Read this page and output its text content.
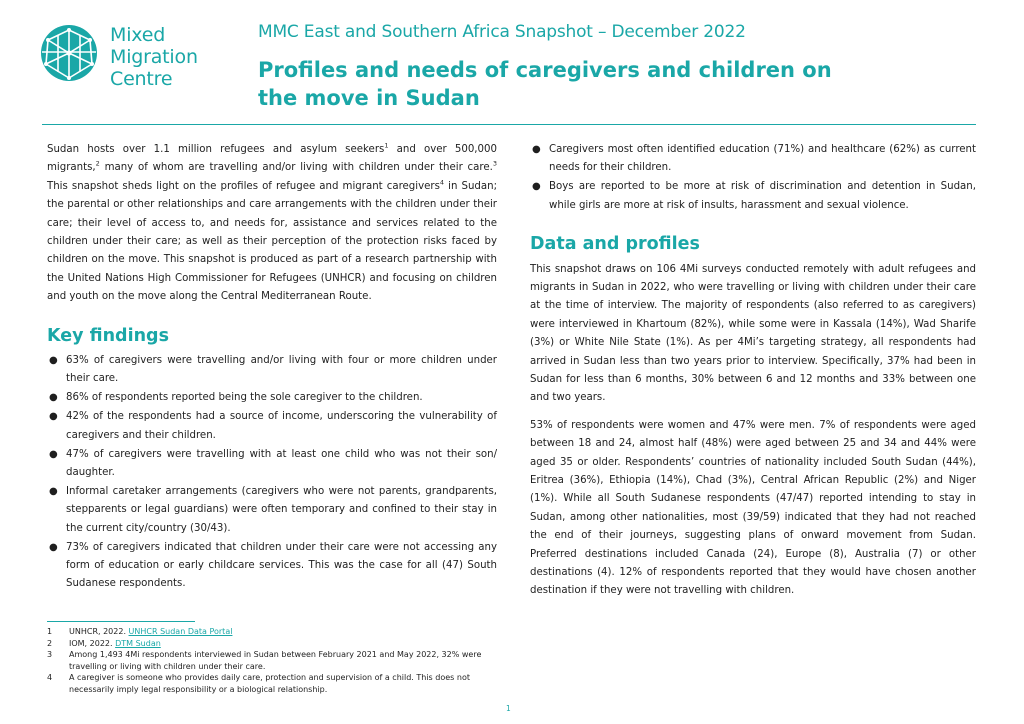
Mixed
Migration
Centre
MMC East and Southern Africa Snapshot – December 2022
Profiles and needs of caregivers and children on
the move in Sudan

Sudan hosts over 1.1 million refugees and asylum seekers$^1$ and over 500,000 migrants,$^2$ many of whom are travelling and/or living with children under their care.$^3$ This snapshot sheds light on the profiles of refugee and migrant caregivers$^4$ in Sudan; the parental or other relationships and care arrangements with the children under their care; their level of access to, and needs for, assistance and services related to the children under their care; as well as their perception of the protection risks faced by children on the move. This snapshot is produced as part of a research partnership with the United Nations High Commissioner for Refugees (UNHCR) and focusing on children and youth on the move along the Central Mediterranean Route.

Key findings
● 63% of caregivers were travelling and/or living with four or more children under their care.
● 86% of respondents reported being the sole caregiver to the children.
● 42% of the respondents had a source of income, underscoring the vulnerability of caregivers and their children.
● 47% of caregivers were travelling with at least one child who was not their son/ daughter.
● Informal caretaker arrangements (caregivers who were not parents, grandparents, stepparents or legal guardians) were often temporary and confined to their stay in the current city/country (30/43).
● 73% of caregivers indicated that children under their care were not accessing any form of education or early childcare services. This was the case for all (47) South Sudanese respondents.
● Caregivers most often identified education (71%) and healthcare (62%) as current needs for their children.
● Boys are reported to be more at risk of discrimination and detention in Sudan, while girls are more at risk of insults, harassment and sexual violence.
Data and profiles

This snapshot draws on 106 4Mi surveys conducted remotely with adult refugees and migrants in Sudan in 2022, who were travelling or living with children under their care at the time of interview. The majority of respondents (also referred to as caregivers) were interviewed in Khartoum (82%), while some were in Kassala (14%), Wad Sharife (3%) or White Nile State (1%). As per 4Mi’s targeting strategy, all respondents had arrived in Sudan less than two years prior to interview. Specifically, 37% had been in Sudan for less than 6 months, 30% between 6 and 12 months and 33% between one and two years.

53% of respondents were women and 47% were men. 7% of respondents were aged between 18 and 24, almost half (48%) were aged between 25 and 34 and 44% were aged 35 or older. Respondents’ countries of nationality included South Sudan (44%), Eritrea (36%), Ethiopia (14%), Chad (3%), Central African Republic (2%) and Niger (1%). While all South Sudanese respondents (47/47) reported intending to stay in Sudan, among other nationalities, most (39/59) indicated that they had not reached the end of their journeys, suggesting plans of onward movement from Sudan. Preferred destinations included Canada (24), Europe (8), Australia (7) or other destinations (4). 12% of respondents reported that they would have chosen another destination if they were not travelling with children.

1 UNHCR, 2022. UNHCR Sudan Data Portal
2 IOM, 2022. DTM Sudan
3 Among 1,493 4Mi respondents interviewed in Sudan between February 2021 and May 2022, 32% were travelling or living with children under their care.
4 A caregiver is someone who provides daily care, protection and supervision of a child. This does not necessarily imply legal responsibility or a biological relationship.
1
